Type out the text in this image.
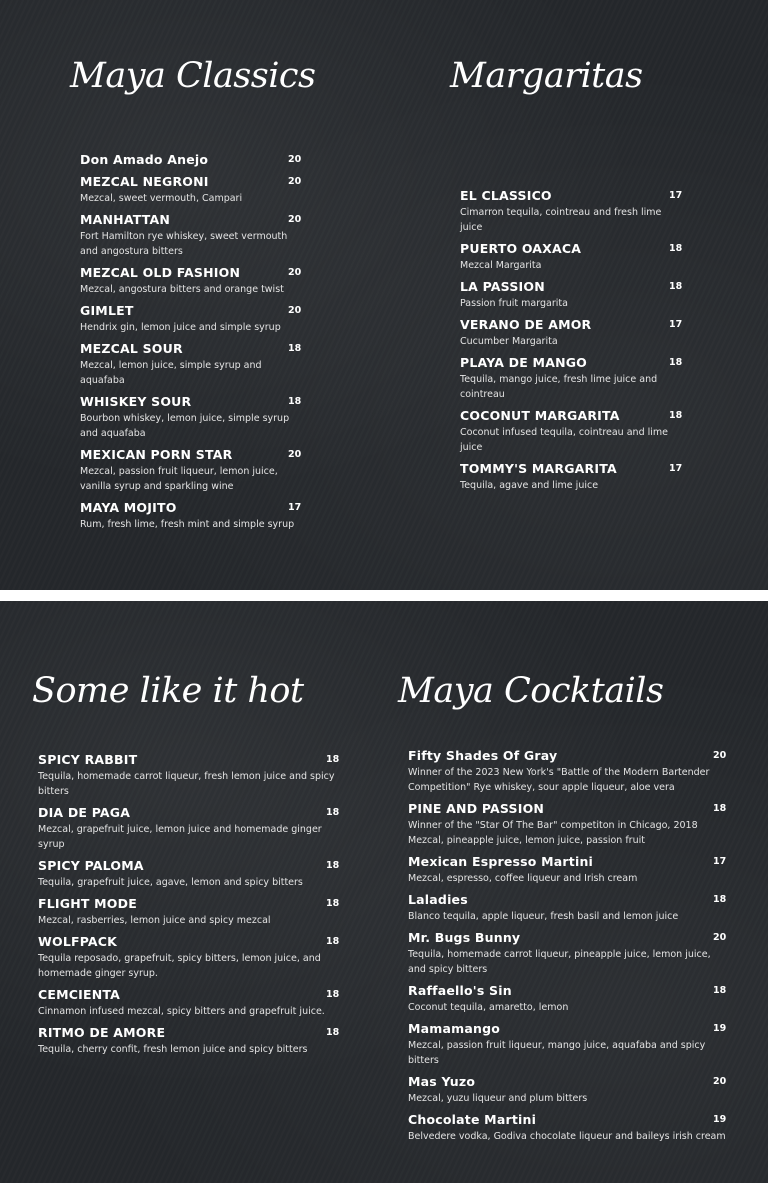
Maya Classics	Margaritas
Some like it hot	Maya Cocktails
Don Amado Anejo	20
MEZCAL NEGRONI	20
Mezcal, sweet vermouth, Campari
MANHATTAN	20
Fort Hamilton rye whiskey, sweet vermouth and angostura bitters
MEZCAL OLD FASHION	20
Mezcal, angostura bitters and orange twist
GIMLET	20
Hendrix gin, lemon juice and simple syrup
MEZCAL SOUR	18
Mezcal, lemon juice, simple syrup and aquafaba
WHISKEY SOUR	18
Bourbon whiskey, lemon juice, simple syrup and aquafaba
MEXICAN PORN STAR	20
Mezcal, passion fruit liqueur, lemon juice, vanilla syrup and sparkling wine
MAYA MOJITO	17
Rum, fresh lime, fresh mint and simple syrup
EL CLASSICO	17
Cimarron tequila, cointreau and fresh lime juice
PUERTO OAXACA	18
Mezcal Margarita
LA PASSION	18
Passion fruit margarita
VERANO DE AMOR	17
Cucumber Margarita
PLAYA DE MANGO	18
Tequila, mango juice, fresh lime juice and cointreau
COCONUT MARGARITA	18
Coconut infused tequila, cointreau and lime juice
TOMMY'S MARGARITA	17
Tequila, agave and lime juice
SPICY RABBIT	18
Tequila, homemade carrot liqueur, fresh lemon juice and spicy bitters
DIA DE PAGA	18
Mezcal, grapefruit juice, lemon juice and homemade ginger syrup
SPICY PALOMA	18
Tequila, grapefruit juice, agave, lemon and spicy bitters
FLIGHT MODE	18
Mezcal, rasberries, lemon juice and spicy mezcal
WOLFPACK	18
Tequila reposado, grapefruit, spicy bitters, lemon juice, and homemade ginger syrup.
CEMCIENTA	18
Cinnamon infused mezcal, spicy bitters and grapefruit juice.
RITMO DE AMORE	18
Tequila, cherry confit, fresh lemon juice and spicy bitters
Fifty Shades Of Gray	20
Winner of the 2023 New York's "Battle of the Modern Bartender Competition" Rye whiskey, sour apple liqueur, aloe vera
PINE AND PASSION	18
Winner of the "Star Of The Bar" competiton in Chicago, 2018 Mezcal, pineapple juice, lemon juice, passion fruit
Mexican Espresso Martini	17
Mezcal, espresso, coffee liqueur and Irish cream
Laladies	18
Blanco tequila, apple liqueur, fresh basil and lemon juice
Mr. Bugs Bunny	20
Tequila, homemade carrot liqueur, pineapple juice, lemon juice, and spicy bitters
Raffaello's Sin	18
Coconut tequila, amaretto, lemon
Mamamango	19
Mezcal, passion fruit liqueur, mango juice, aquafaba and spicy bitters
Mas Yuzo	20
Mezcal, yuzu liqueur and plum bitters
Chocolate Martini	19
Belvedere vodka, Godiva chocolate liqueur and baileys irish cream
